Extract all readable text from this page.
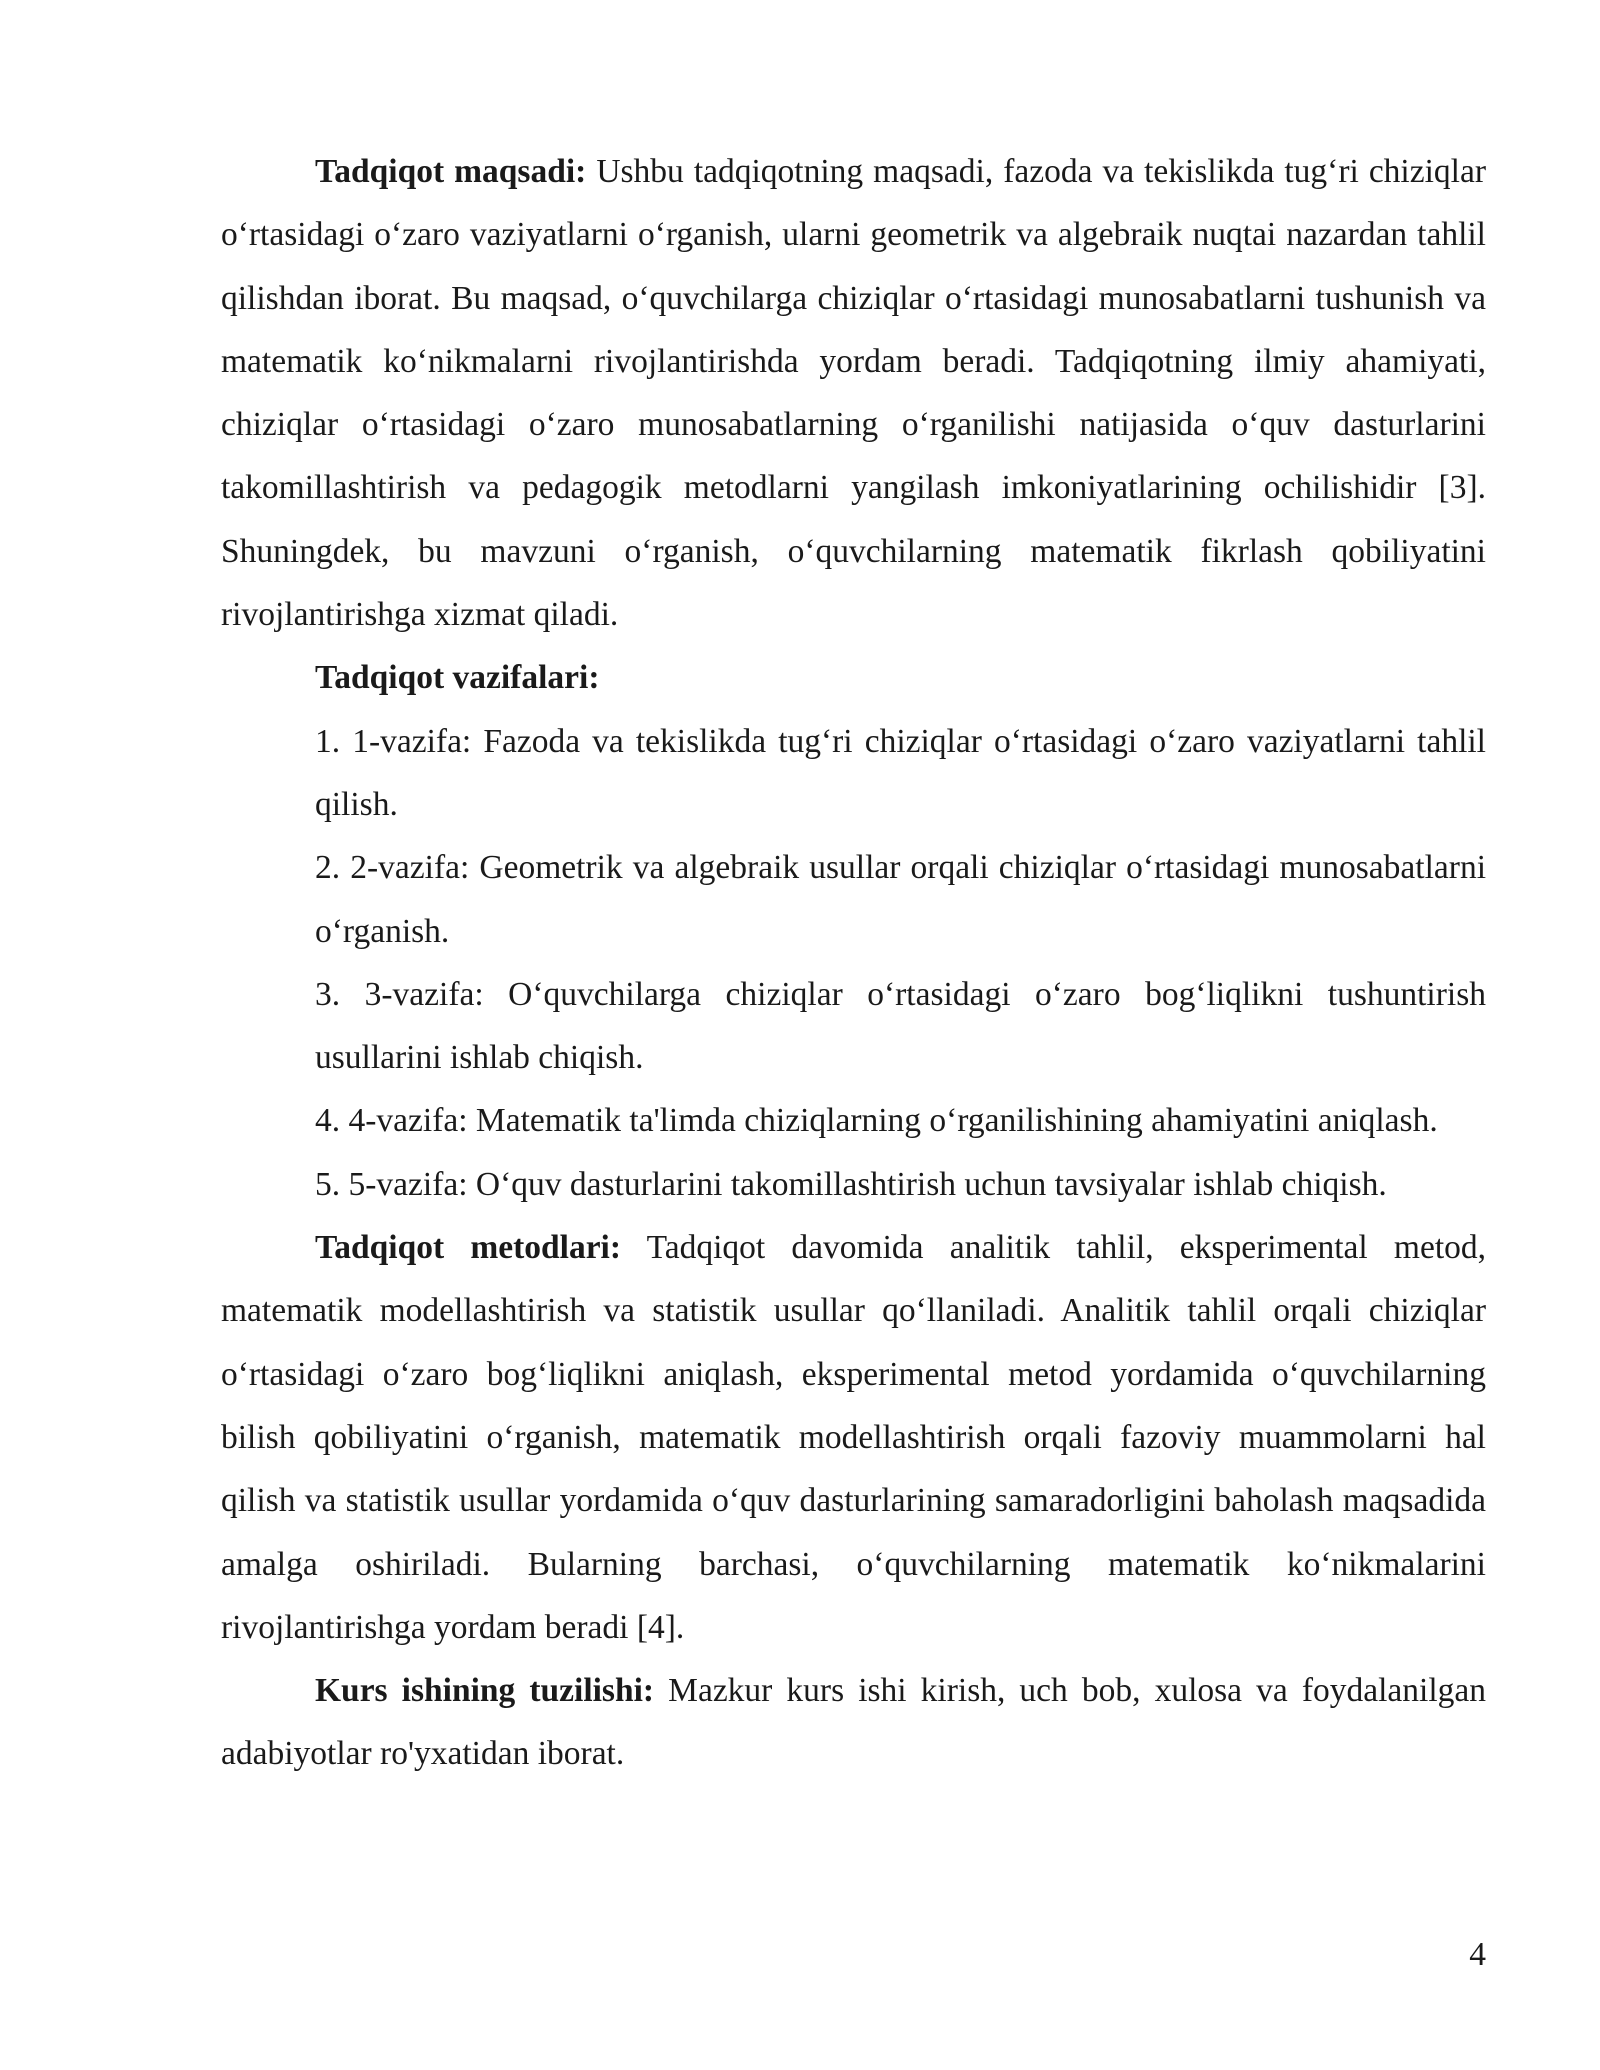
Tadqiqot maqsadi: Ushbu tadqiqotning maqsadi, fazoda va tekislikda tug‘ri chiziqlar o‘rtasidagi o‘zaro vaziyatlarni o‘rganish, ularni geometrik va algebraik nuqtai nazardan tahlil qilishdan iborat. Bu maqsad, o‘quvchilarga chiziqlar o‘rtasidagi munosabatlarni tushunish va matematik ko‘nikmalarni rivojlantirishda yordam beradi. Tadqiqotning ilmiy ahamiyati, chiziqlar o‘rtasidagi o‘zaro munosabatlarning o‘rganilishi natijasida o‘quv dasturlarini takomillashtirish va pedagogik metodlarni yangilash imkoniyatlarining ochilishidir [3]. Shuningdek, bu mavzuni o‘rganish, o‘quvchilarning matematik fikrlash qobiliyatini rivojlantirishga xizmat qiladi.

Tadqiqot vazifalari:

1. 1-vazifa: Fazoda va tekislikda tug‘ri chiziqlar o‘rtasidagi o‘zaro vaziyatlarni tahlil qilish.

2. 2-vazifa: Geometrik va algebraik usullar orqali chiziqlar o‘rtasidagi munosabatlarni o‘rganish.

3. 3-vazifa: O‘quvchilarga chiziqlar o‘rtasidagi o‘zaro bog‘liqlikni tushuntirish usullarini ishlab chiqish.

4. 4-vazifa: Matematik ta'limda chiziqlarning o‘rganilishining ahamiyatini aniqlash.

5. 5-vazifa: O‘quv dasturlarini takomillashtirish uchun tavsiyalar ishlab chiqish.

Tadqiqot metodlari: Tadqiqot davomida analitik tahlil, eksperimental metod, matematik modellashtirish va statistik usullar qo‘llaniladi. Analitik tahlil orqali chiziqlar o‘rtasidagi o‘zaro bog‘liqlikni aniqlash, eksperimental metod yordamida o‘quvchilarning bilish qobiliyatini o‘rganish, matematik modellashtirish orqali fazoviy muammolarni hal qilish va statistik usullar yordamida o‘quv dasturlarining samaradorligini baholash maqsadida amalga oshiriladi. Bularning barchasi, o‘quvchilarning matematik ko‘nikmalarini rivojlantirishga yordam beradi [4].

Kurs ishining tuzilishi: Mazkur kurs ishi kirish, uch bob, xulosa va foydalanilgan adabiyotlar ro'yxatidan iborat.

4
